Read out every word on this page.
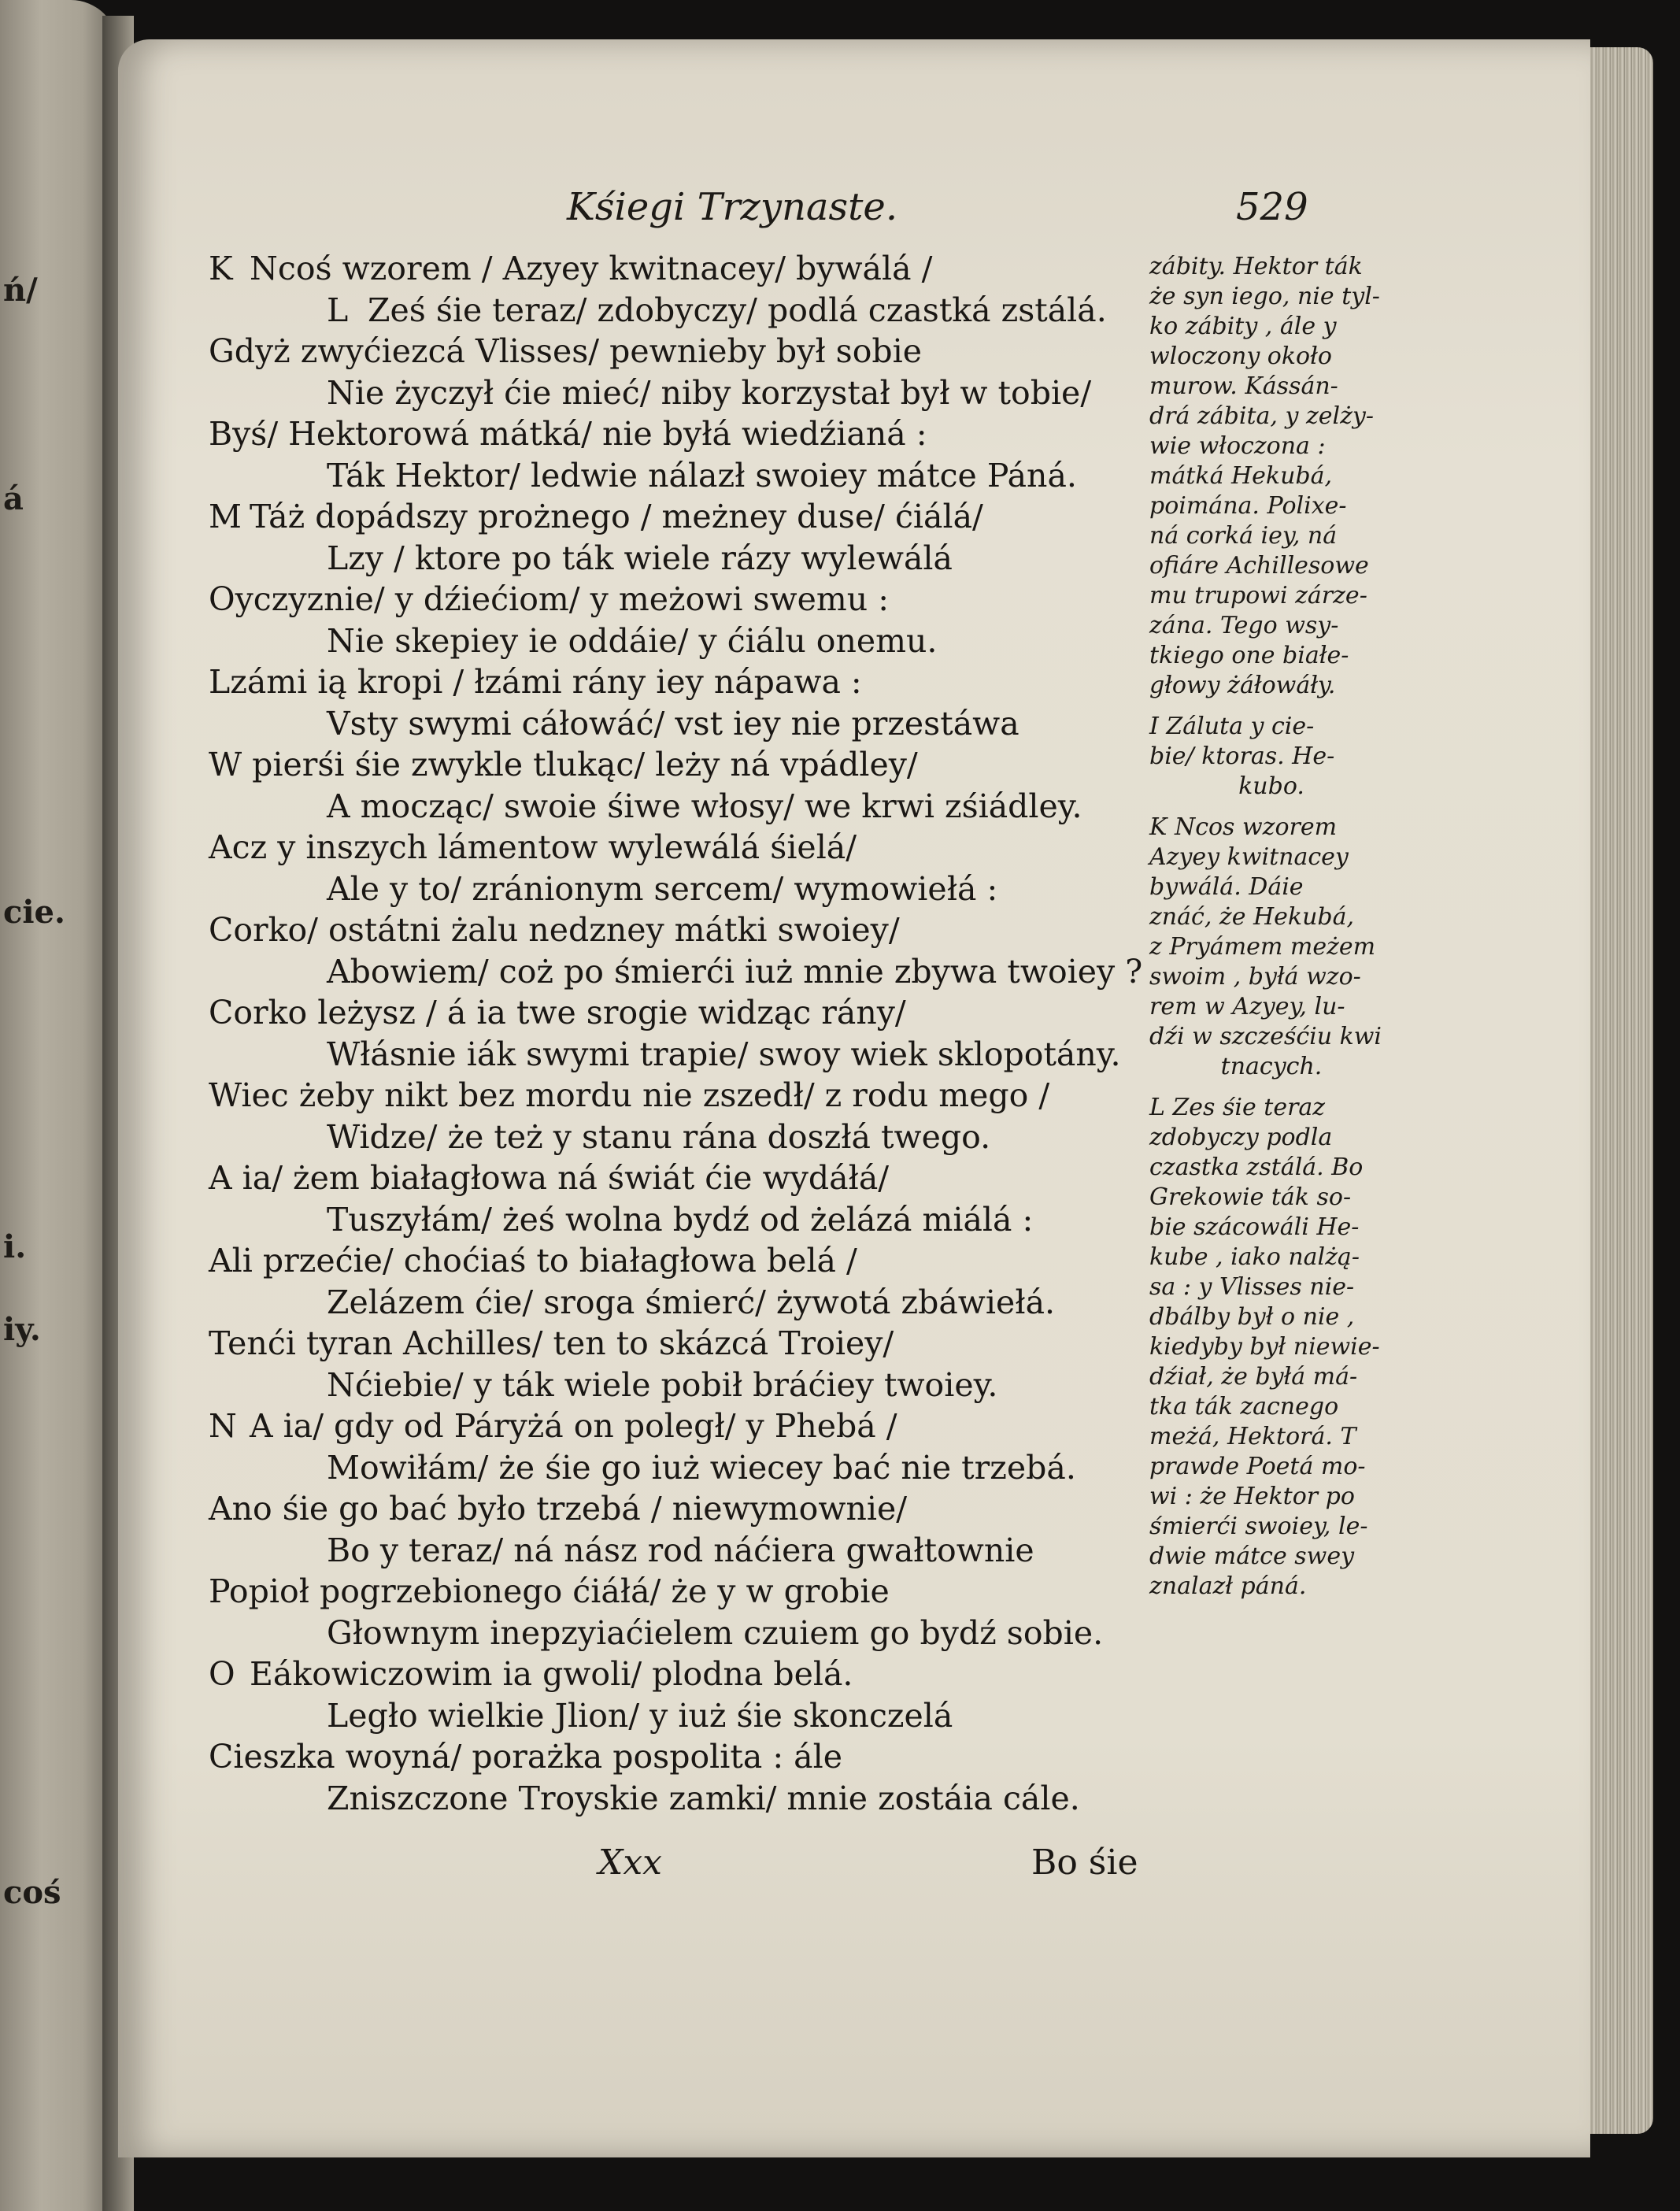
ń/
á
cie.
i.
iy.
coś
Kśiegi Trzynaste.	529
K Ncoś wzorem / Azyey kwitnacey/ bywálá /
L Ześ śie teraz/ zdobyczy/ podlá czastká zstálá.
Gdyż zwyćiezcá Vlisses/ pewnieby był sobie
Nie życzył ćie mieć/ niby korzystał był w tobie/
Byś/ Hektorowá mátká/ nie byłá wiedźianá :
Ták Hektor/ ledwie nálazł swoiey mátce Páná.
M Táż dopádszy prożnego / meżney duse/ ćiálá/
Lzy / ktore po ták wiele rázy wylewálá
Oyczyznie/ y dźiećiom/ y meżowi swemu :
Nie skepiey ie oddáie/ y ćiálu onemu.
Lzámi ią kropi / łzámi rány iey nápawa :
Vsty swymi cáłowáć/ vst iey nie przestáwa
W pierśi śie zwykle tlukąc/ leży ná vpádley/
A mocząc/ swoie śiwe włosy/ we krwi zśiádley.
Acz y inszych lámentow wylewálá śielá/
Ale y to/ zránionym sercem/ wymowiełá :
Corko/ ostátni żalu nedzney mátki swoiey/
Abowiem/ coż po śmierći iuż mnie zbywa twoiey ?
Corko leżysz / á ia twe srogie widząc rány/
Włásnie iák swymi trapie/ swoy wiek sklopotány.
Wiec żeby nikt bez mordu nie zszedł/ z rodu mego /
Widze/ że też y stanu rána doszłá twego.
A ia/ żem białagłowa ná świát ćie wydáłá/
Tuszyłám/ żeś wolna bydź od żelázá miálá :
Ali przećie/ choćiaś to białagłowa belá /
Zelázem ćie/ sroga śmierć/ żywotá zbáwiełá.
Tenći tyran Achilles/ ten to skázcá Troiey/
Nćiebie/ y ták wiele pobił bráćiey twoiey.
N A ia/ gdy od Páryżá on poległ/ y Phebá /
Mowiłám/ że śie go iuż wiecey bać nie trzebá.
Ano śie go bać było trzebá / niewymownie/
Bo y teraz/ ná nász rod náćiera gwałtownie
Popioł pogrzebionego ćiáłá/ że y w grobie
Głownym inepzyiaćielem czuiem go bydź sobie.
O Eákowiczowim ia gwoli/ plodna belá.
Legło wielkie Jlion/ y iuż śie skonczelá
Cieszka woyná/ porażka pospolita : ále
Zniszczone Troyskie zamki/ mnie zostáia cále.
zábity. Hektor ták
że syn iego, nie tyl-
ko zábity , ále y
wloczony około
murow. Kássán-
drá zábita, y zelży-
wie włoczona :
mátká Hekubá,
poimána. Polixe-
ná corká iey, ná
ofiáre Achillesowe
mu trupowi zárze-
zána. Tego wsy-
tkiego one białe-
głowy żáłowáły.
I Záluta y cie-
bie/ ktoras. He-
kubo.
K Ncos wzorem
Azyey kwitnacey
bywálá. Dáie
znáć, że Hekubá,
z Pryámem meżem
swoim , byłá wzo-
rem w Azyey, lu-
dźi w szcześćiu kwi
tnacych.
L Zes śie teraz
zdobyczy podla
czastka zstálá. Bo
Grekowie ták so-
bie szácowáli He-
kube , iako nalżą-
sa : y Vlisses nie-
dbálby był o nie ,
kiedyby był niewie-
dźiał, że byłá má-
tka ták zacnego
meżá, Hektorá. T
prawde Poetá mo-
wi : że Hektor po
śmierći swoiey, le-
dwie mátce swey
znalazł páná.
Xxx	Bo śie
